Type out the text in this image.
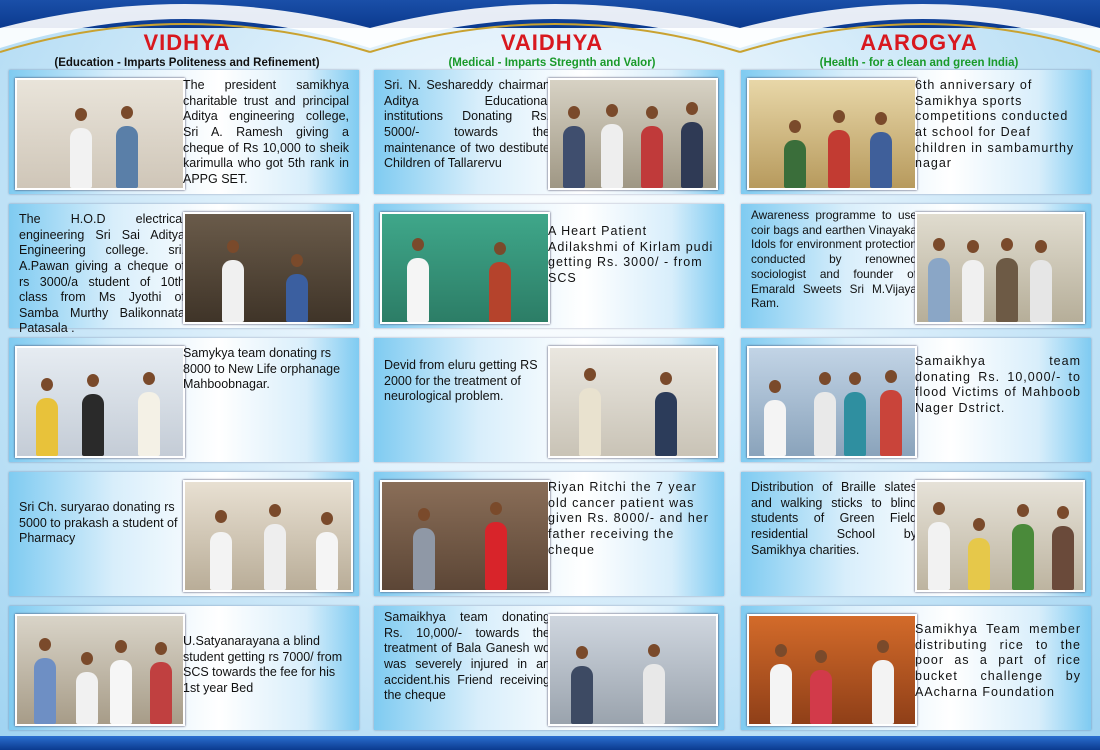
VIDHYA
(Education - Imparts Politeness and Refinement)
The president samikhya charitable trust and principal Aditya engineering college, Sri A. Ramesh giving a cheque of Rs 10,000 to sheik karimulla who got 5th rank in APPG SET.
The H.O.D electrical engineering Sri Sai Aditya Engineering college. sri. A.Pawan giving a cheque of rs 3000/a student of 10th class from Ms Jyothi of Samba Murthy Balikonnata Patasala .
Samykya team donating rs 8000 to New Life orphanage Mahboobnagar.
Sri Ch. suryarao donating rs 5000 to prakash a student of Pharmacy
U.Satyanarayana a blind student getting rs 7000/ from SCS towards the fee for his 1st year Bed
VAIDHYA
(Medical - Imparts Stregnth and Valor)
Sri. N. Seshareddy chairman Aditya Educational institutions Donating Rs. 5000/- towards the maintenance of two destibute Children of Tallarervu
A Heart Patient Adilakshmi of Kirlam pudi getting Rs. 3000/ - from SCS
Devid from eluru getting RS 2000 for the treatment of neurological problem.
Riyan Ritchi the 7 year old cancer patient was given Rs. 8000/- and her father receiving the cheque
Samaikhya team donating Rs. 10,000/- towards the treatment of Bala Ganesh wo was severely injured in an accident.his Friend receiving the cheque
AAROGYA
(Health - for a clean and green India)
6th anniversary of Samikhya sports competitions conducted at school for Deaf children in sambamurthy nagar
Awareness programme to use coir bags and earthen Vinayaka Idols for environment protection conducted by renowned sociologist and founder of Emarald Sweets Sri M.Vijaya Ram.
Samaikhya team donating Rs. 10,000/- to flood Victims of Mahboob Nager Dstrict.
Distribution of Braille slates and walking sticks to blind students of Green Field residential School by Samikhya charities.
Samikhya Team member distributing rice to the poor as a part of rice bucket challenge by AAcharna Foundation
